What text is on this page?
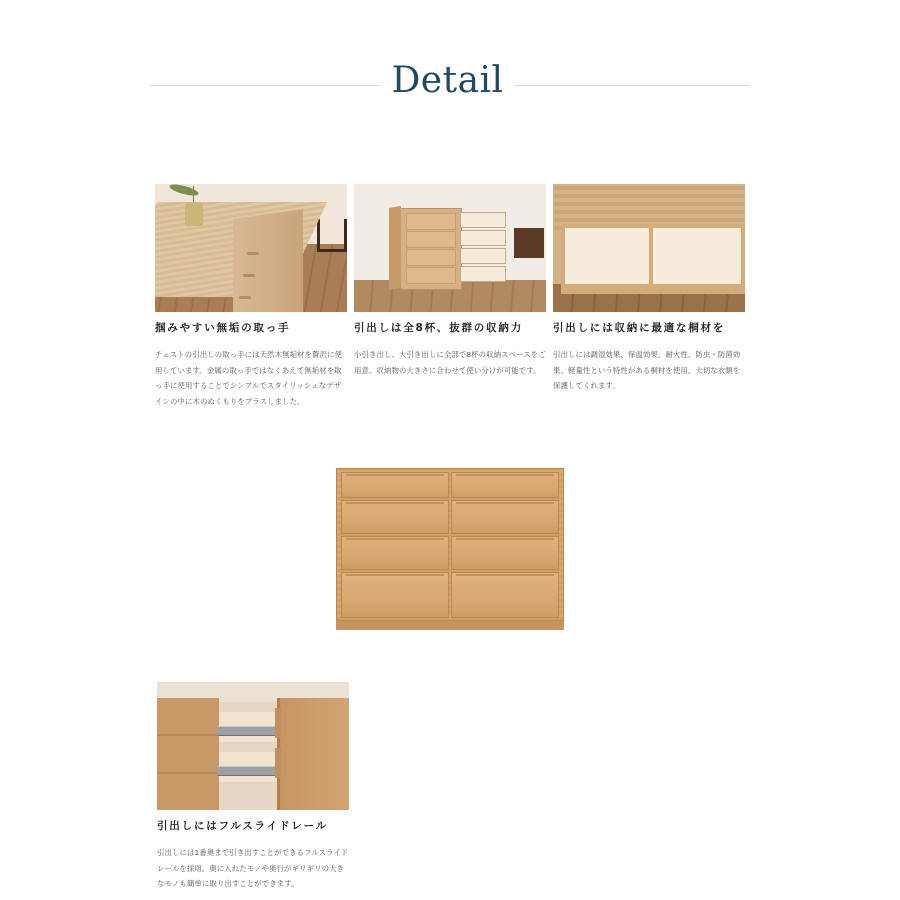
Detail
掴みやすい無垢の取っ手
チェストの引出しの取っ手には天然木無垢材を贅沢に使用しています。金属の取っ手ではなくあえて無垢材を取っ手に使用することでシンプルでスタイリッシュなデザインの中に木のぬくもりをプラスしました。
引出しは全8杯、抜群の収納力
小引き出し、大引き出しに全部で8杯の収納スペースをご用意。収納物の大きさに合わせて使い分けが可能です。
引出しには収納に最適な桐材を
引出しには調湿効果、保温効果、耐火性、防虫・防菌効果、軽量性という特性がある桐材を使用。大切な衣類を保護してくれます。
引出しにはフルスライドレール
引出しには1番奥まで引き出すことができるフルスライドレールを採用。奥に入れたモノや奥行がギリギリの大きなモノも簡単に取り出すことができます。
